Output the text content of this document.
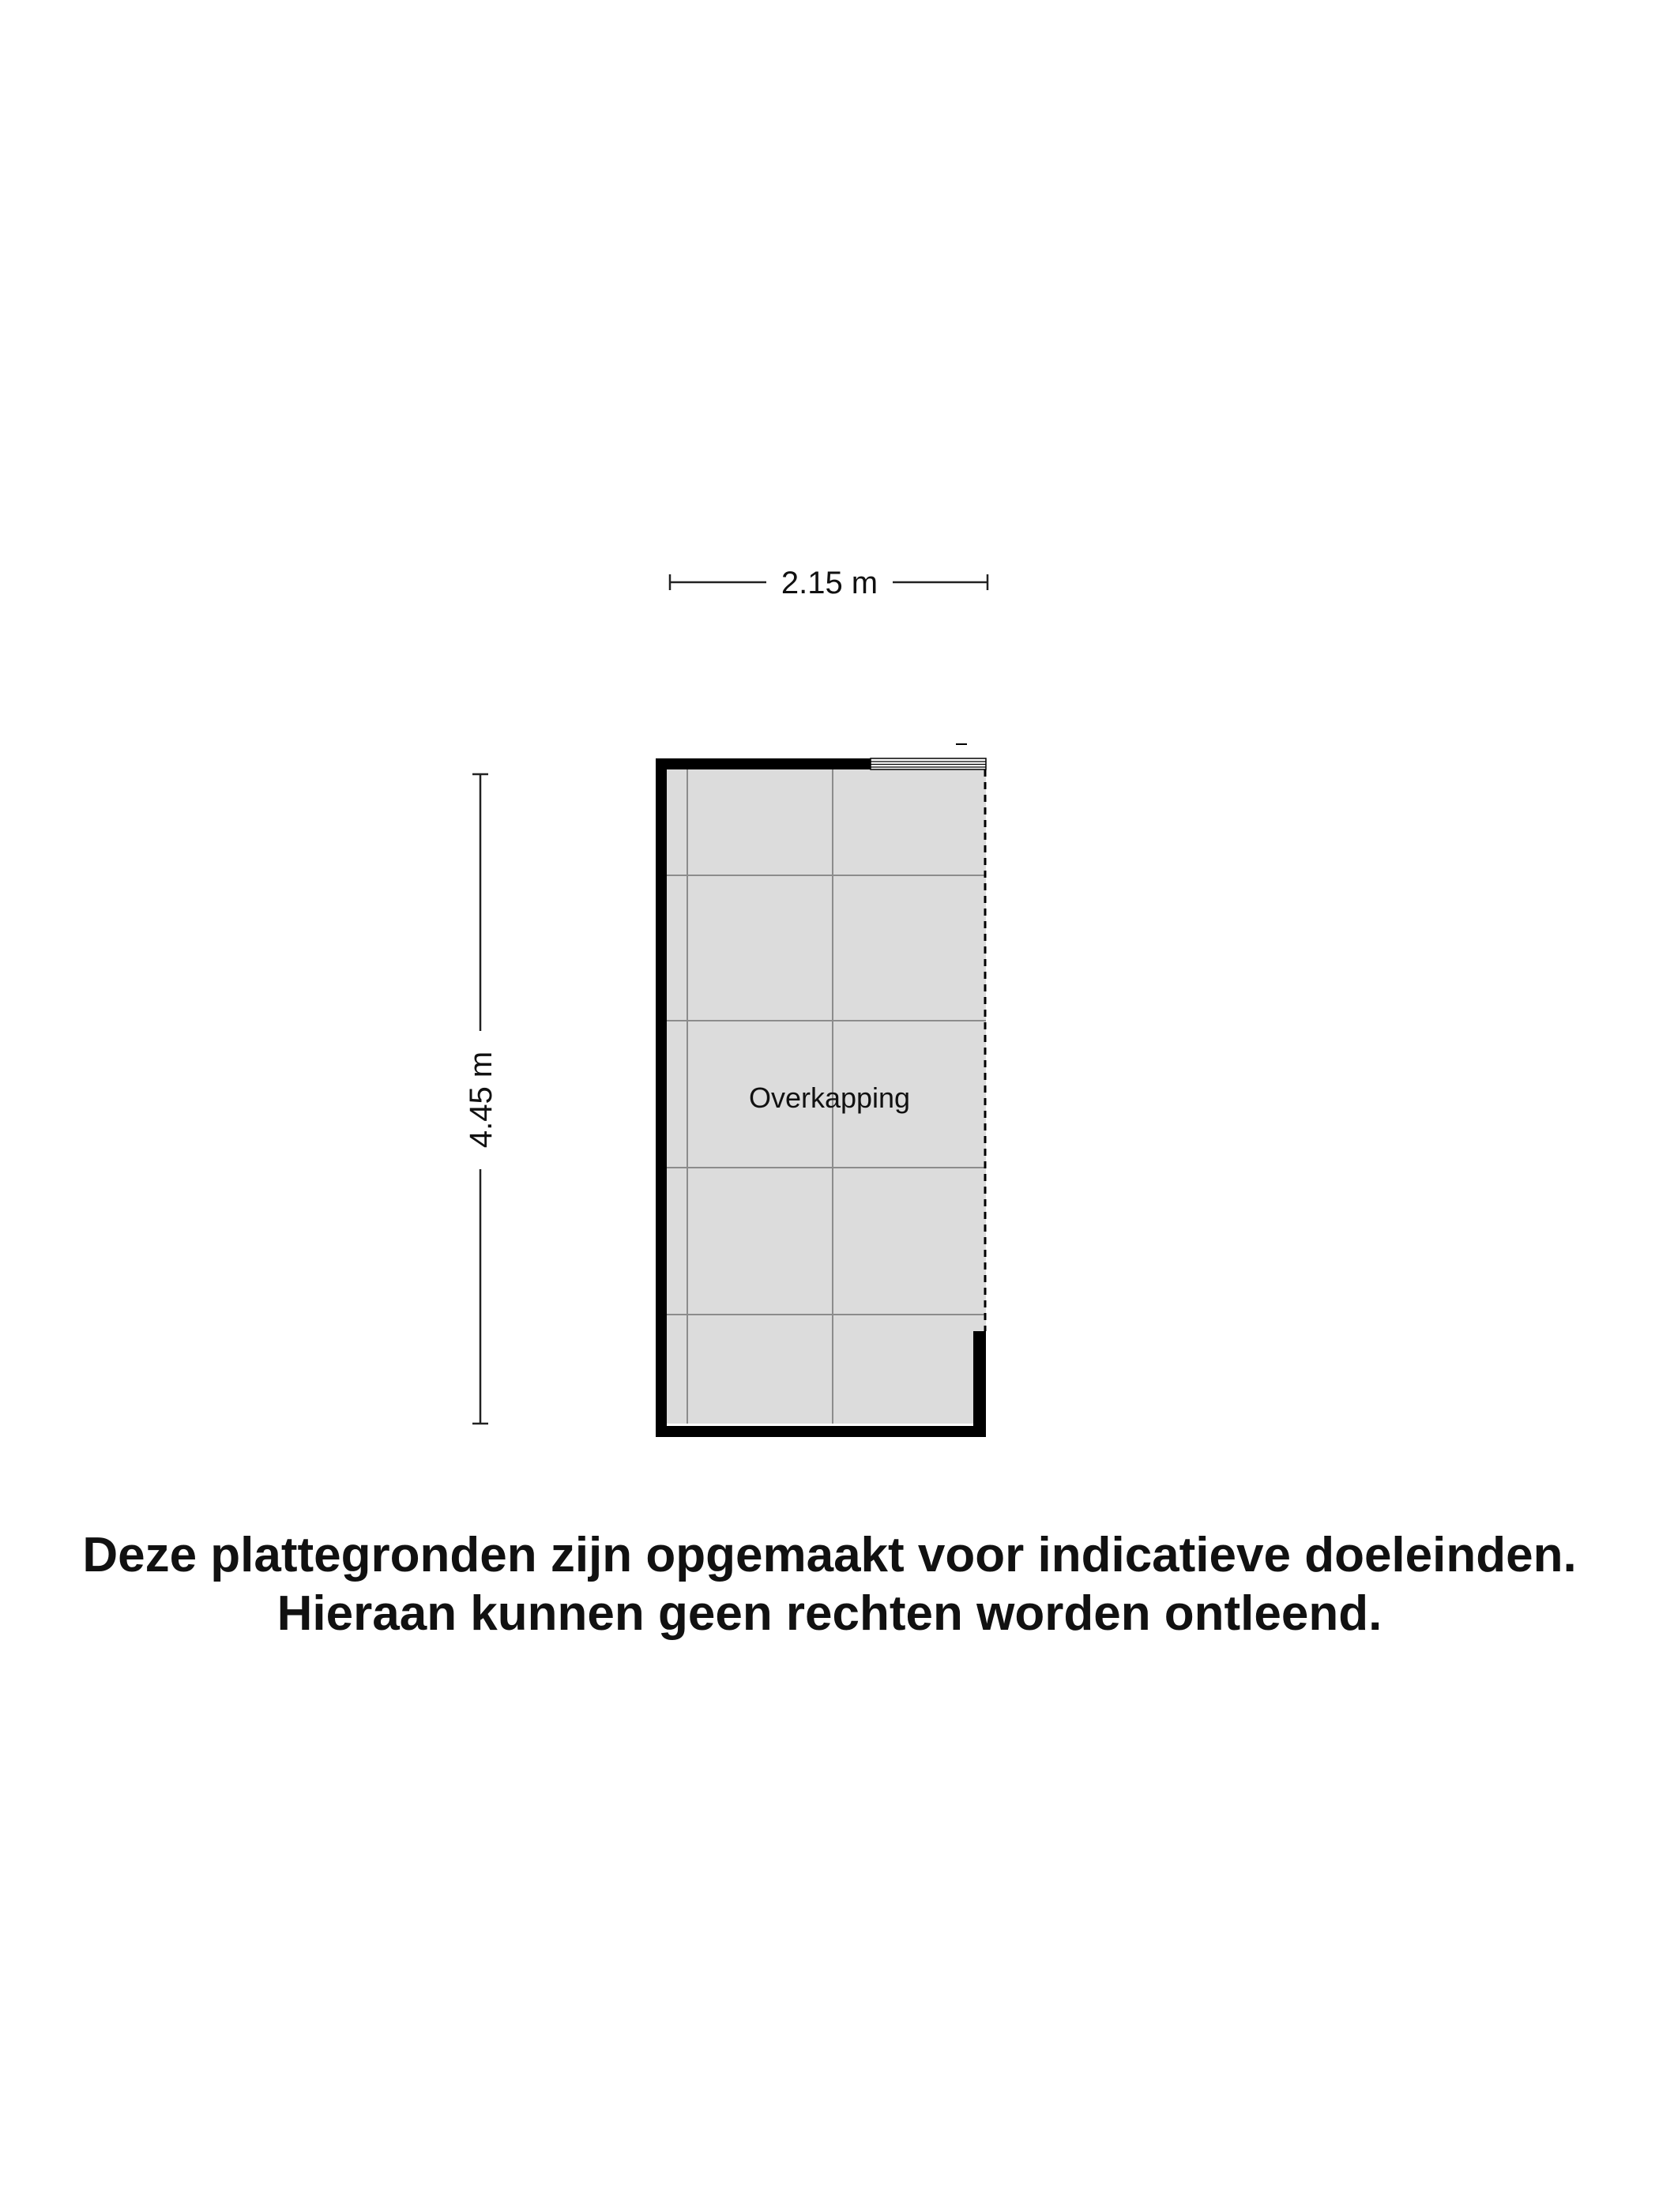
2.15 m
4.45 m	Overkapping
Deze plattegronden zijn opgemaakt voor indicatieve doeleinden.
Hieraan kunnen geen rechten worden ontleend.
